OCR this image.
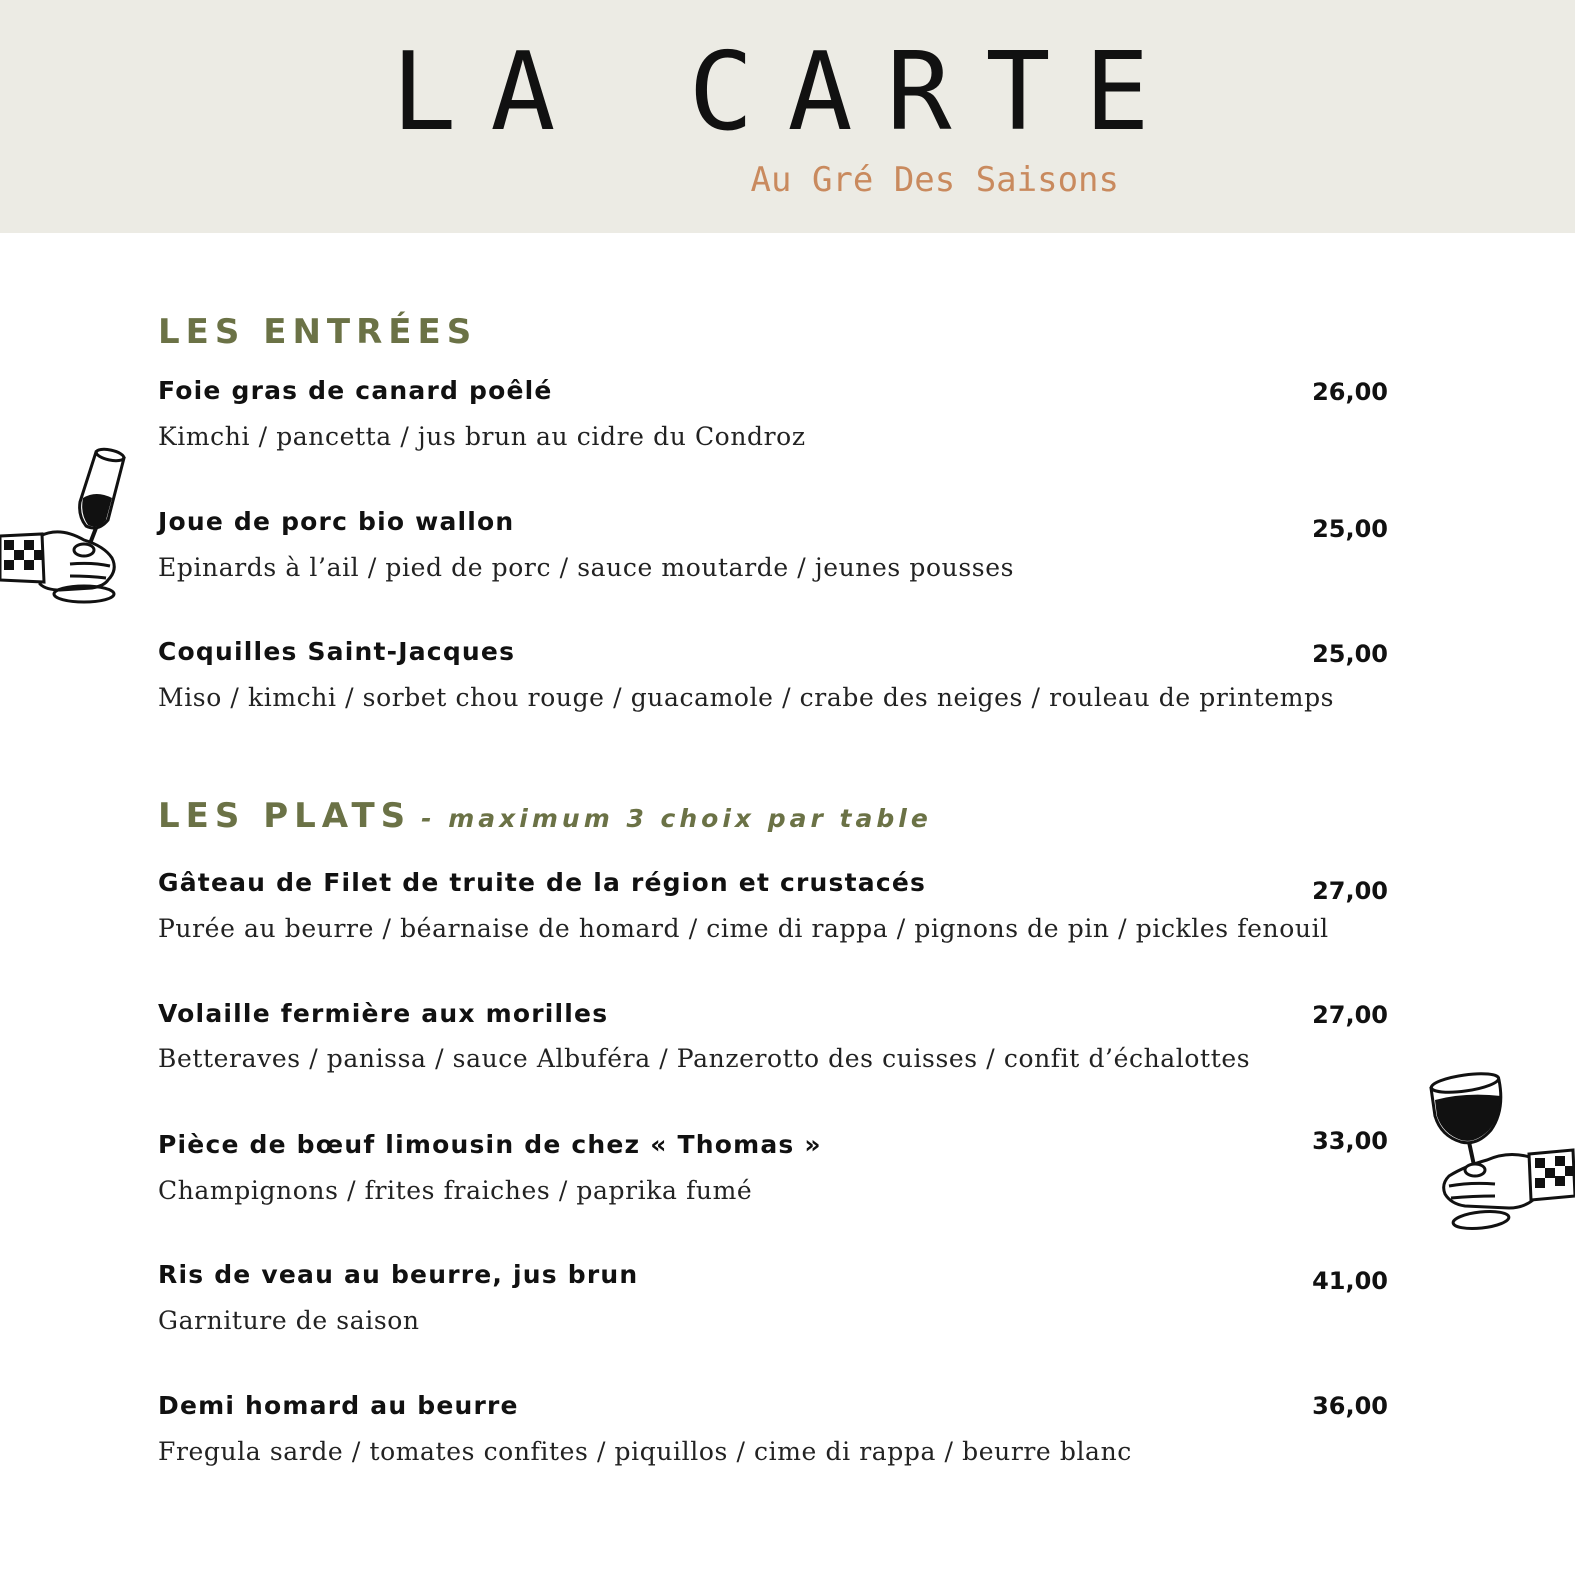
LA CARTE
Au Gré Des Saisons
LES ENTRÉES
Foie gras de canard poêlé	26,00
Kimchi / pancetta / jus brun au cidre du Condroz
Joue de porc bio wallon	25,00
Epinards à l’ail / pied de porc / sauce moutarde / jeunes pousses
Coquilles Saint-Jacques	25,00
Miso / kimchi / sorbet chou rouge / guacamole / crabe des neiges / rouleau de printemps
LES PLATS - maximum 3 choix par table
Gâteau de Filet de truite de la région et crustacés	27,00
Purée au beurre / béarnaise de homard / cime di rappa / pignons de pin / pickles fenouil
Volaille fermière aux morilles	27,00
Betteraves / panissa / sauce Albuféra / Panzerotto des cuisses / confit d’échalottes
Pièce de bœuf limousin de chez « Thomas »	33,00
Champignons / frites fraiches / paprika fumé
Ris de veau au beurre, jus brun	41,00
Garniture de saison
Demi homard au beurre	36,00
Fregula sarde / tomates confites / piquillos / cime di rappa / beurre blanc
